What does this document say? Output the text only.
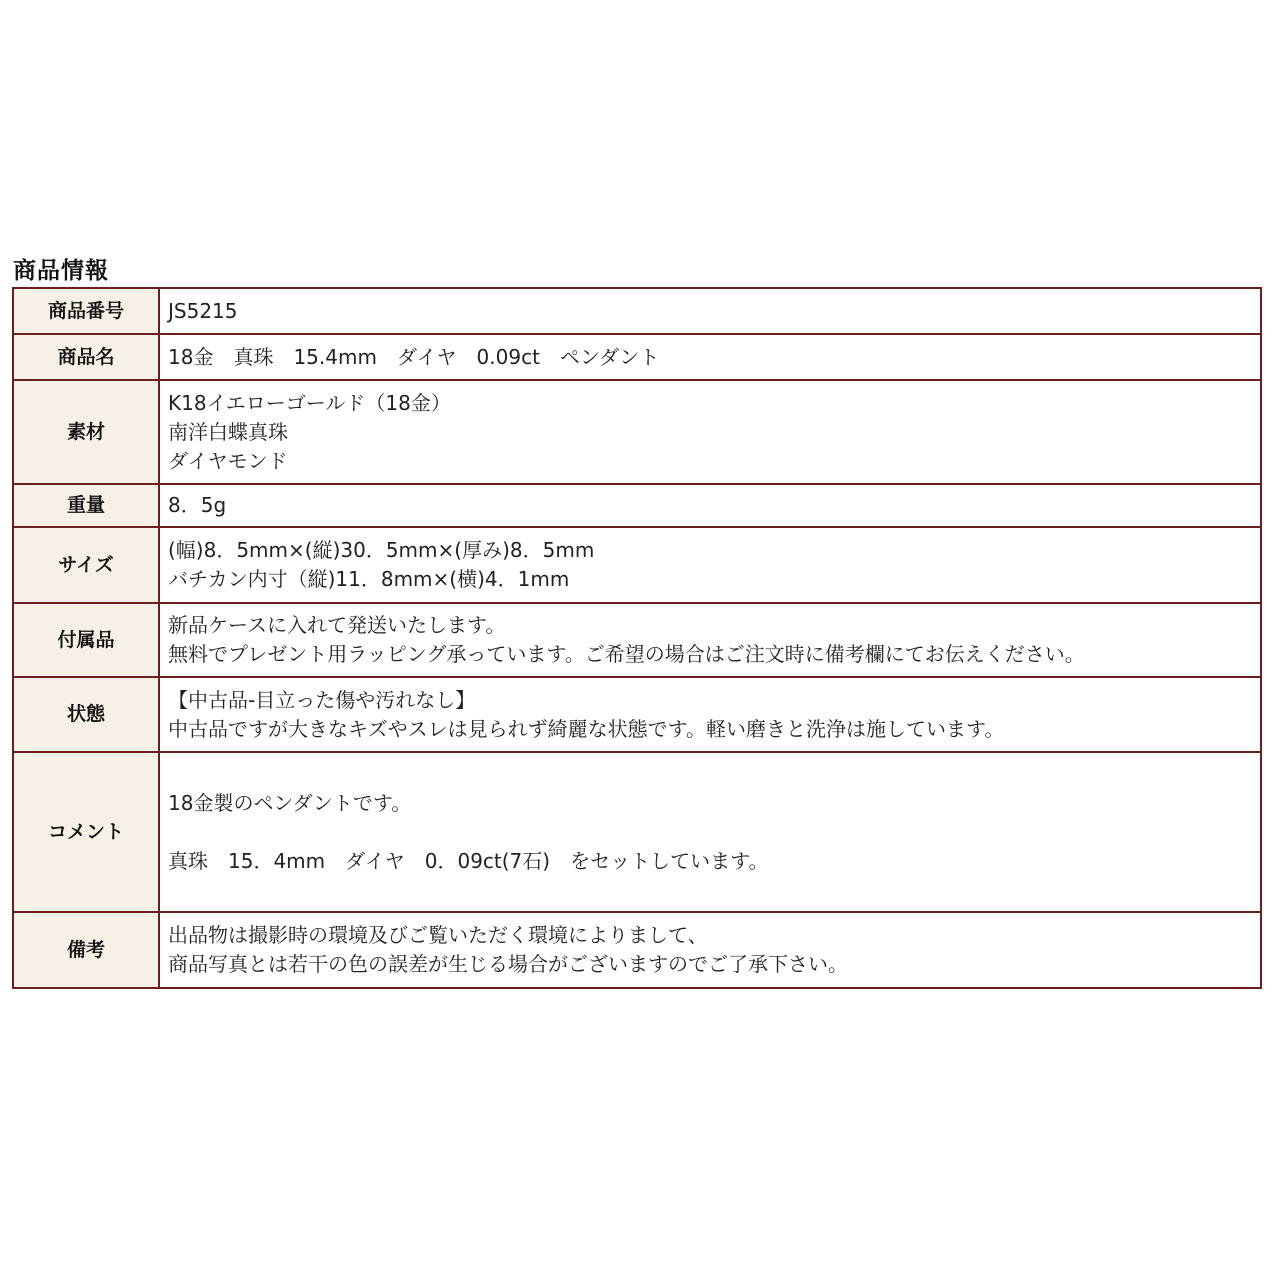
商品情報
商品番号	JS5215

商品名	18金　真珠　15.4mm　ダイヤ　0.09ct　ペンダント

素材	K18イエローゴールド（18金）
南洋白蝶真珠
ダイヤモンド

重量	8．5g

サイズ	(幅)8．5mm×(縦)30．5mm×(厚み)8．5mm
バチカン内寸（縦)11．8mm×(横)4．1mm

付属品	新品ケースに入れて発送いたします。
無料でプレゼント用ラッピング承っています。ご希望の場合はご注文時に備考欄にてお伝えください。

状態	【中古品-目立った傷や汚れなし】
中古品ですが大きなキズやスレは見られず綺麗な状態です。軽い磨きと洗浄は施しています。

コメント	18金製のペンダントです。
真珠　15．4mm　ダイヤ　0．09ct(7石)　をセットしています。

備考	出品物は撮影時の環境及びご覧いただく環境によりまして、
商品写真とは若干の色の誤差が生じる場合がございますのでご了承下さい。
